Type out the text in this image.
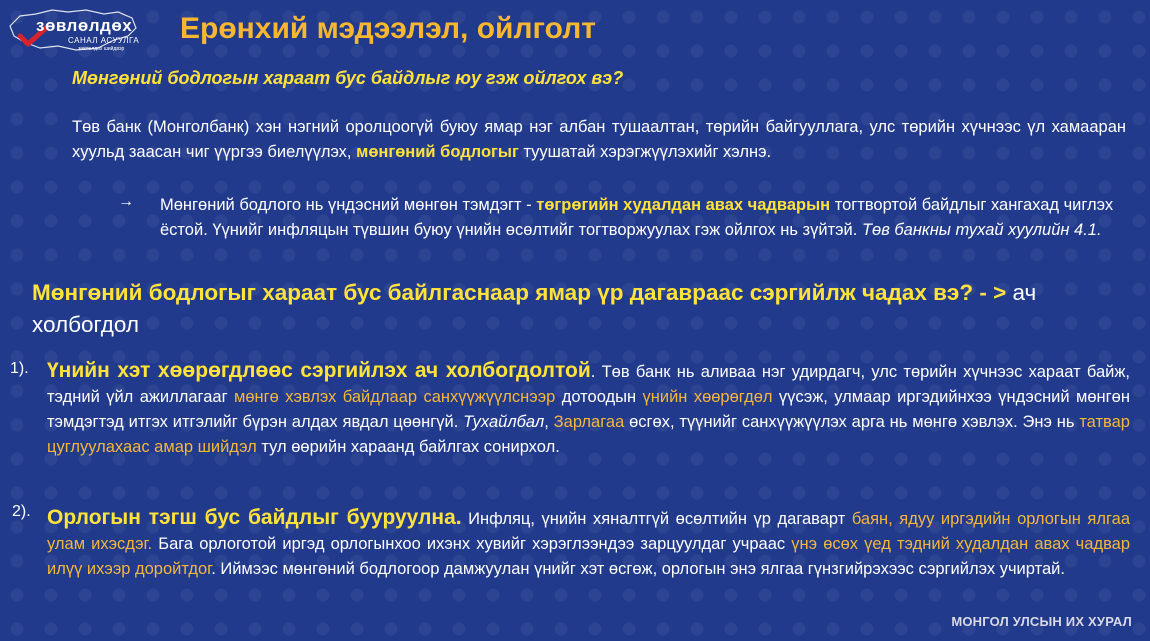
зөвлөлдөх
САНАЛ АСУУЛГА
зөвлөлдөх шийдвэр
Ерөнхий мэдээлэл, ойлголт
Мөнгөний бодлогын хараат бус байдлыг юу гэж ойлгох вэ?
Төв банк (Монголбанк) хэн нэгний оролцоогүй буюу ямар нэг албан тушаалтан, төрийн байгууллага, улс төрийн хүчнээс үл хамааран хуульд заасан чиг үүргээ биелүүлэх, мөнгөний бодлогыг туушатай хэрэгжүүлэхийг хэлнэ.
→ Мөнгөний бодлого нь үндэсний мөнгөн тэмдэгт - төгрөгийн худалдан авах чадварын тогтвортой байдлыг хангахад чиглэх ёстой. Үүнийг инфляцын түвшин буюу үнийн өсөлтийг тогтворжуулах гэж ойлгох нь зүйтэй. Төв банкны тухай хуулийн 4.1.
Мөнгөний бодлогыг хараат бус байлгаснаар ямар үр дагавраас сэргийлж чадах вэ? - > ач холбогдол
1). Үнийн хэт хөөрөгдлөөс сэргийлэх ач холбогдолтой. Төв банк нь аливаа нэг удирдагч, улс төрийн хүчнээс хараат байж, тэдний үйл ажиллагааг мөнгө хэвлэх байдлаар санхүүжүүлснээр дотоодын үнийн хөөрөгдөл үүсэж, улмаар иргэдийнхээ үндэсний мөнгөн тэмдэгтэд итгэх итгэлийг бүрэн алдах явдал цөөнгүй. Тухайлбал, Зарлагаа өсгөх, түүнийг санхүүжүүлэх арга нь мөнгө хэвлэх. Энэ нь татвар цуглуулахаас амар шийдэл тул өөрийн хараанд байлгах сонирхол.
2). Орлогын тэгш бус байдлыг бууруулна. Инфляц, үнийн хяналтгүй өсөлтийн үр дагаварт баян, ядуу иргэдийн орлогын ялгаа улам ихэсдэг. Бага орлоготой иргэд орлогынхоо ихэнх хувийг хэрэглээндээ зарцуулдаг учраас үнэ өсөх үед тэдний худалдан авах чадвар илүү ихээр доройтдог. Иймээс мөнгөний бодлогоор дамжуулан үнийг хэт өсгөж, орлогын энэ ялгаа гүнзгийрэхээс сэргийлэх учиртай.
МОНГОЛ УЛСЫН ИХ ХУРАЛ
